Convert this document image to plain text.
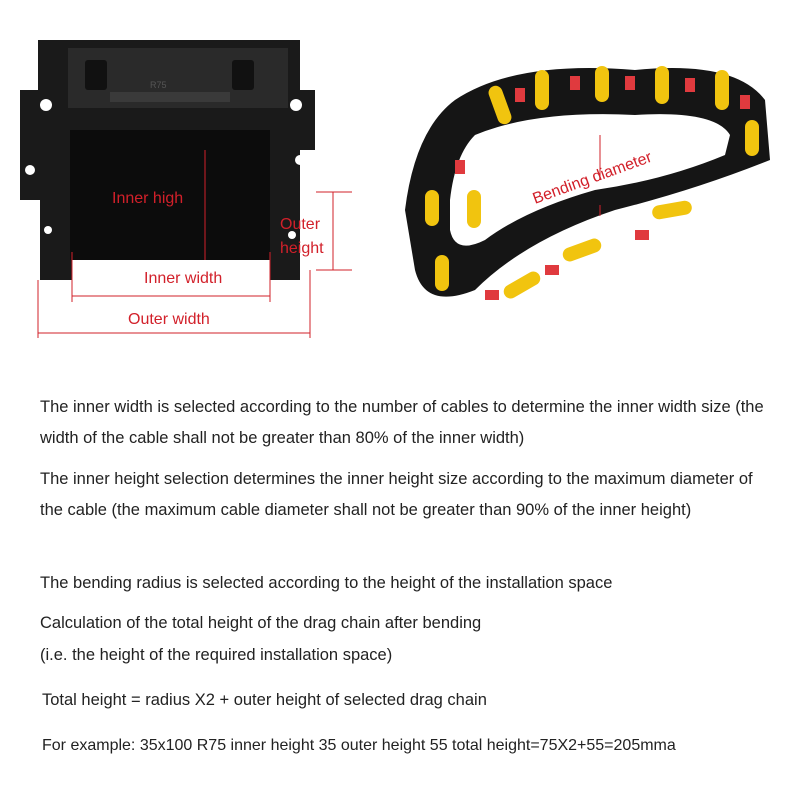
R75
Inner high
Outer
height
Inner width
Outer width
Bending diameter

The inner width is selected according to the number of cables to determine the inner width size (the width of the cable shall not be greater than 80% of the inner width)

The inner height selection determines the inner height size according to the maximum diameter of the cable (the maximum cable diameter shall not be greater than 90% of the inner height)

The bending radius is selected according to the height of the installation space

Calculation of the total height of the drag chain after bending

(i.e. the height of the required installation space)

Total height = radius X2 + outer height of selected drag chain

For example: 35x100 R75 inner height 35 outer height 55 total height=75X2+55=205mma
